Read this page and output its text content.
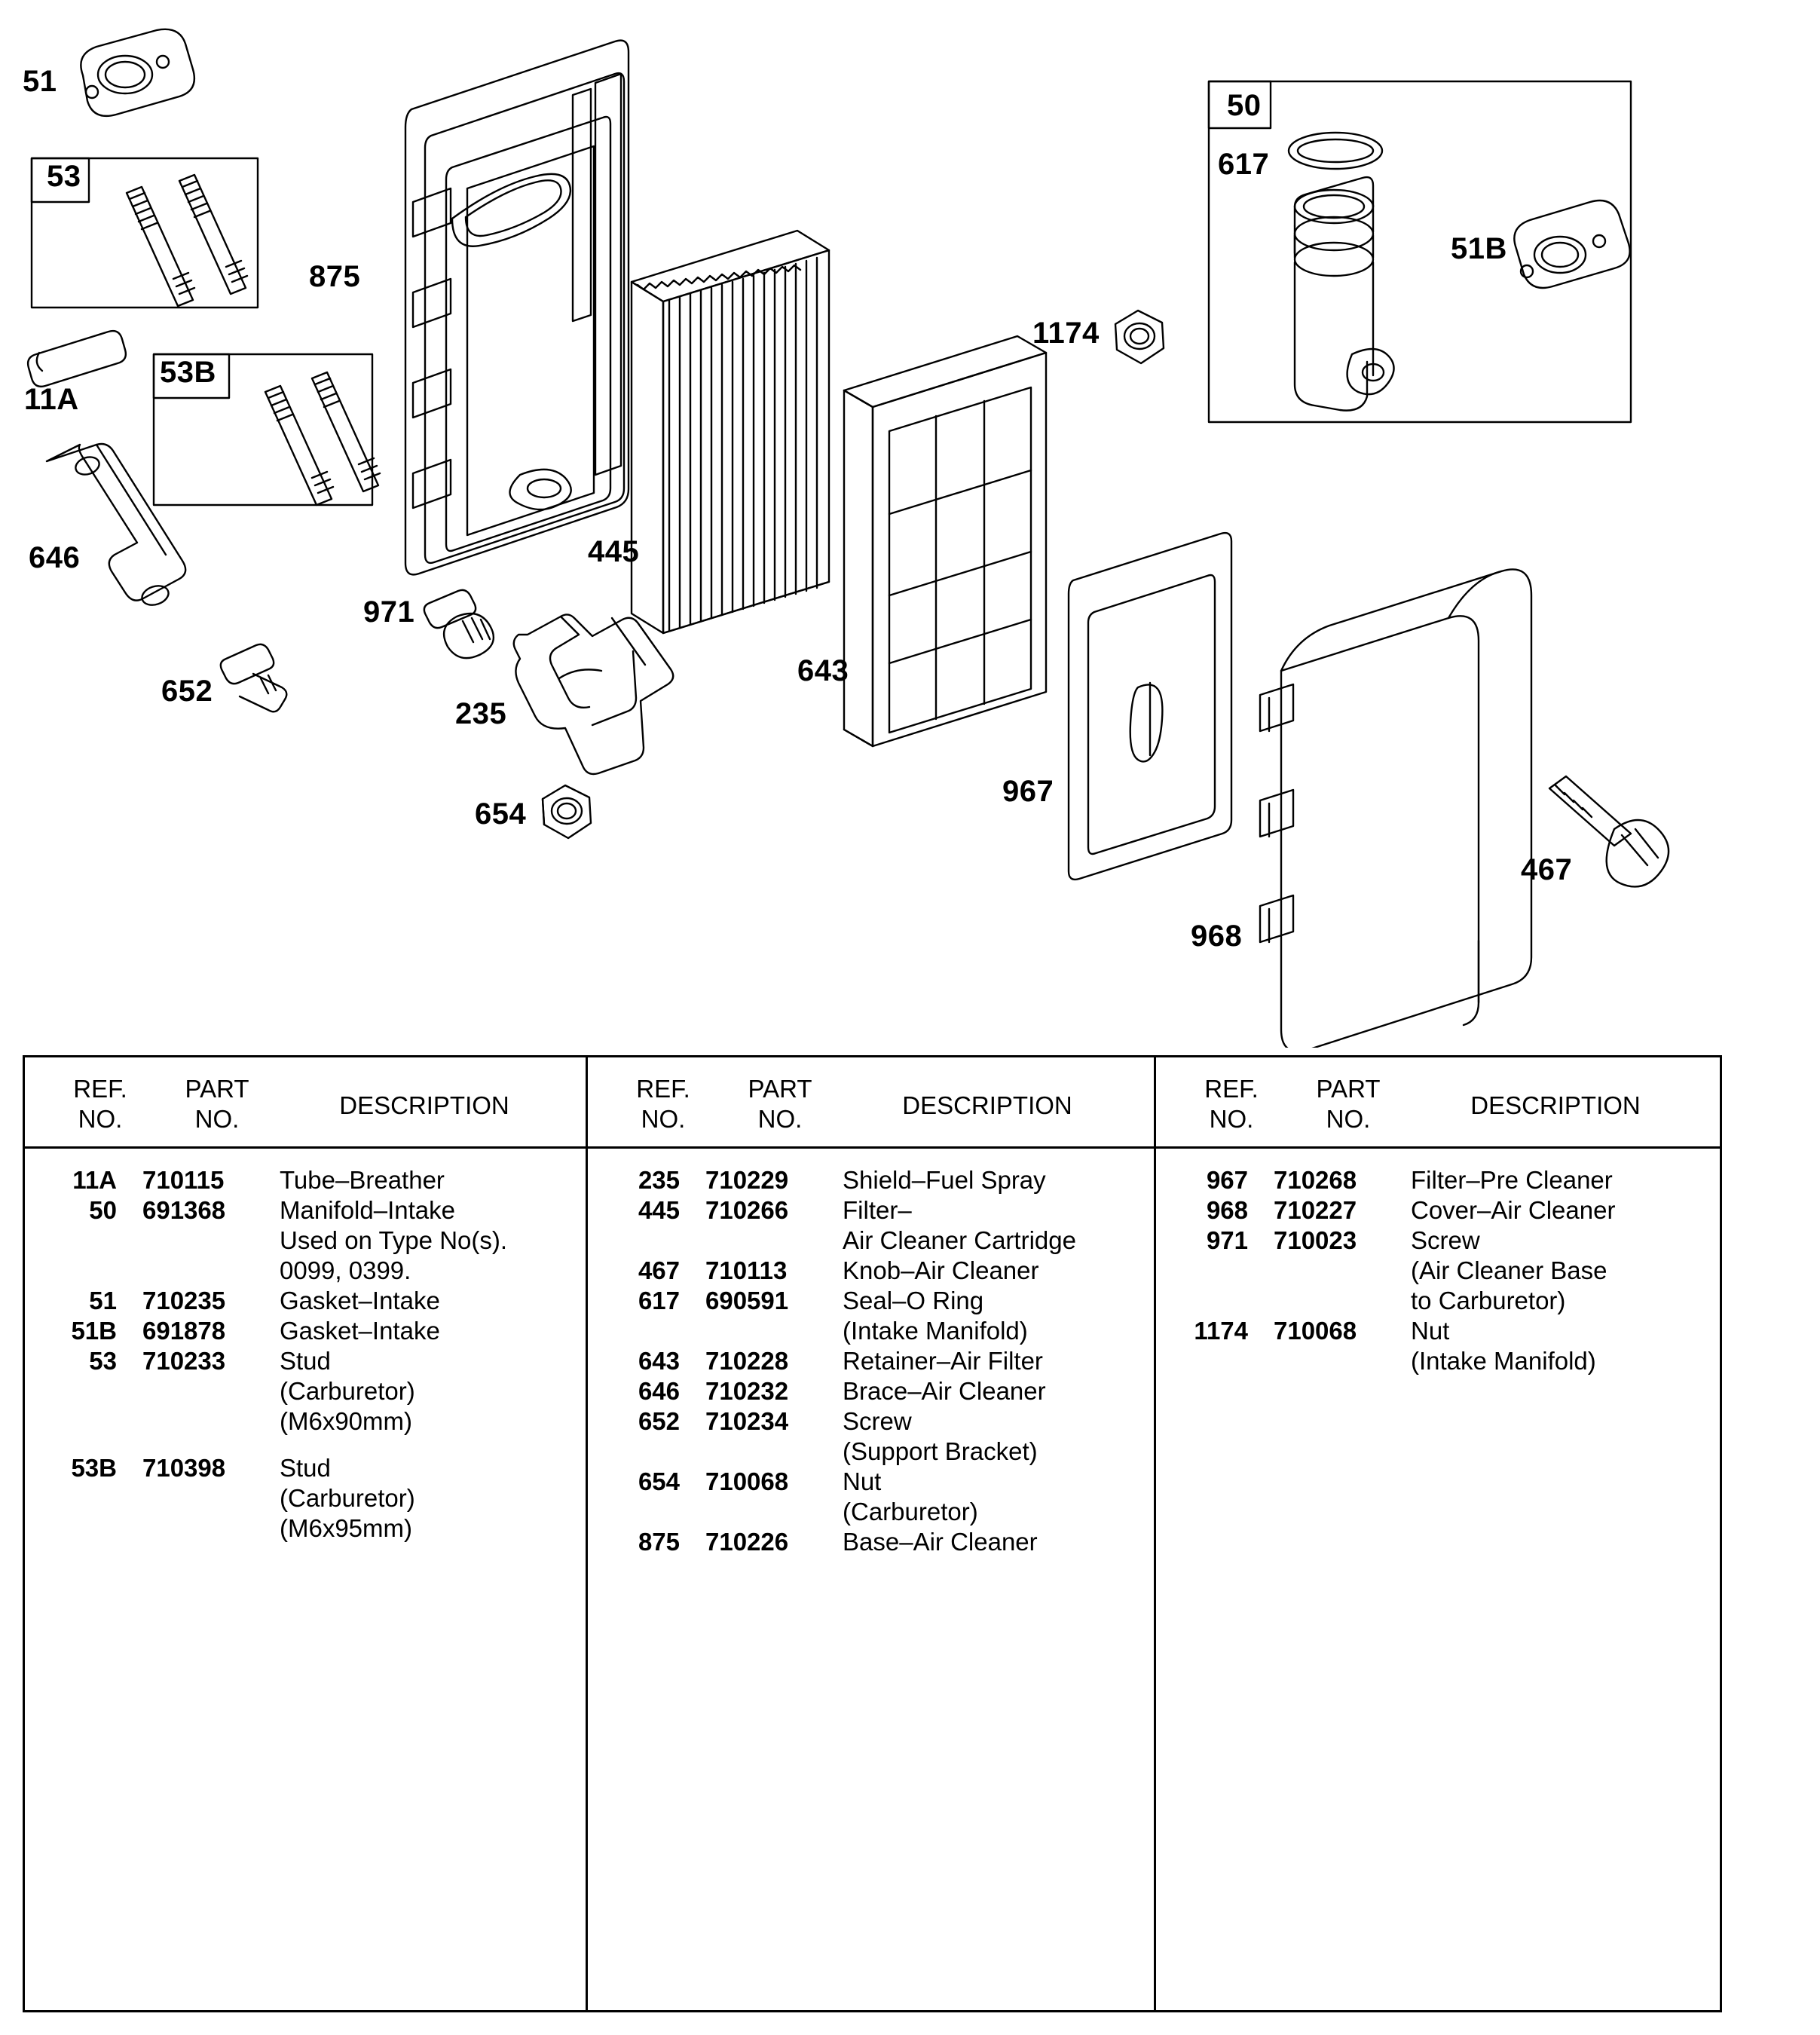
51
53
875
11A
53B
646
971
652
235
654
445
643
1174
967
968
467
50
617
51B
REF.
NO.
PART
NO.	DESCRIPTION
11A	710115	Tube–Breather
50	691368	Manifold–Intake
Used on Type No(s).
0099, 0399.
51	710235	Gasket–Intake
51B	691878	Gasket–Intake
53	710233	Stud
(Carburetor)
(M6x90mm)
53B	710398	Stud
(Carburetor)
(M6x95mm)
REF.
NO.
PART
NO.	DESCRIPTION
235	710229	Shield–Fuel Spray
445	710266	Filter–
Air Cleaner Cartridge
467	710113	Knob–Air Cleaner
617	690591	Seal–O Ring
(Intake Manifold)
643	710228	Retainer–Air Filter
646	710232	Brace–Air Cleaner
652	710234	Screw
(Support Bracket)
654	710068	Nut
(Carburetor)
875	710226	Base–Air Cleaner
REF.
NO.
PART
NO.	DESCRIPTION
967	710268	Filter–Pre Cleaner
968	710227	Cover–Air Cleaner
971	710023	Screw
(Air Cleaner Base
to Carburetor)
1174	710068	Nut
(Intake Manifold)
